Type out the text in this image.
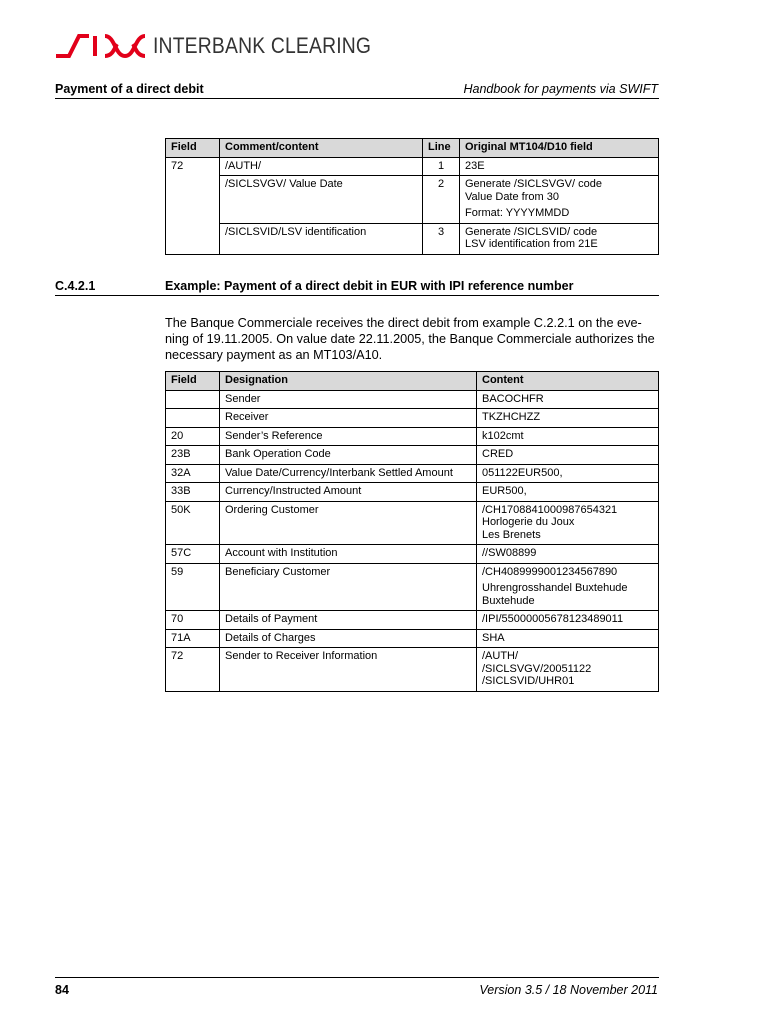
INTERBANK CLEARING
Payment of a direct debit	Handbook for payments via SWIFT
Field	Comment/content	Line	Original MT104/D10 field
72	/AUTH/	1	23E

	/SICLSVGV/ Value Date	2	Generate /SICLSVGV/ code
Value Date from 30
Format: YYYYMMDD

	/SICLSVID/LSV identification	3	Generate /SICLSVID/ code
LSV identification from 21E
C.4.2.1	Example: Payment of a direct debit in EUR with IPI reference number
The Banque Commerciale receives the direct debit from example C.2.2.1 on the eve-ning of 19.11.2005. On value date 22.11.2005, the Banque Commerciale authorizes the necessary payment as an MT103/A10.
Field	Designation	Content
	Sender	BACOCHFR

	Receiver	TKZHCHZZ

20	Sender’s Reference	k102cmt

23B	Bank Operation Code	CRED

32A	Value Date/Currency/Interbank Settled Amount	051122EUR500,

33B	Currency/Instructed Amount	EUR500,

50K	Ordering Customer	/CH1708841000987654321
Horlogerie du Joux
Les Brenets

57C	Account with Institution	//SW08899

59	Beneficiary Customer	/CH4089999001234567890
Uhrengrosshandel Buxtehude
Buxtehude

70	Details of Payment	/IPI/55000005678123489011

71A	Details of Charges	SHA

72	Sender to Receiver Information	/AUTH/
/SICLSVGV/20051122
/SICLSVID/UHR01
84	Version 3.5 / 18 November 2011
